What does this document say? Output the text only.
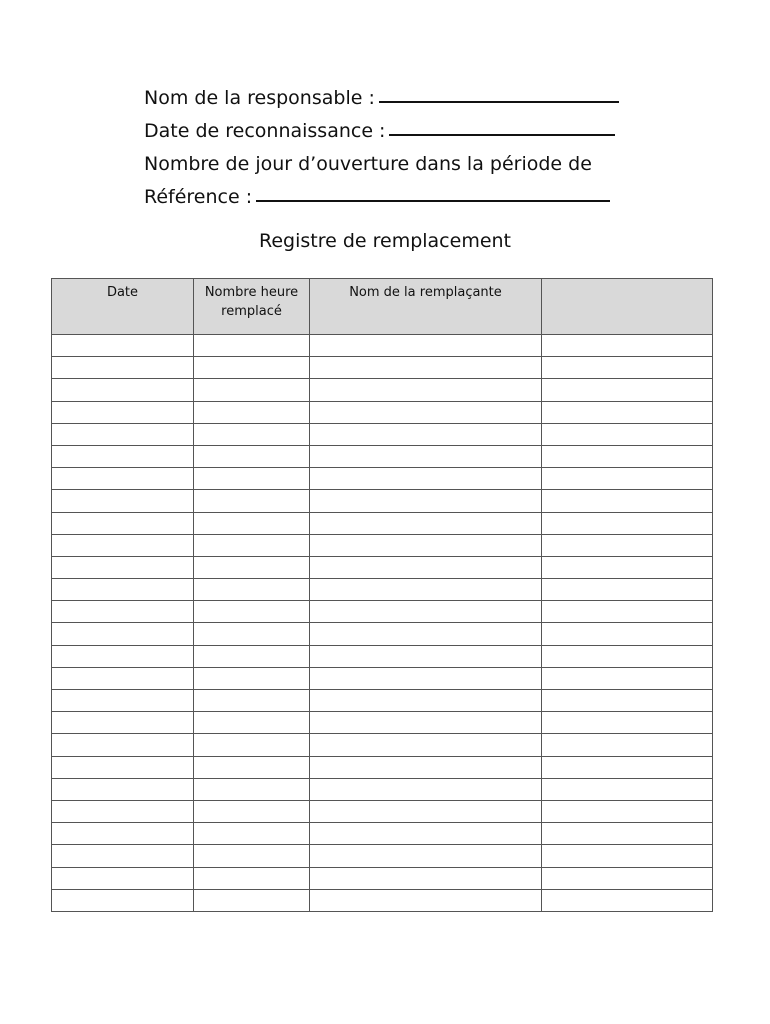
Nom de la responsable :
Date de reconnaissance :
Nombre de jour d’ouverture dans la période de
Référence :
Registre de remplacement
Date	Nombre heure remplacé	Nom de la remplaçante	
